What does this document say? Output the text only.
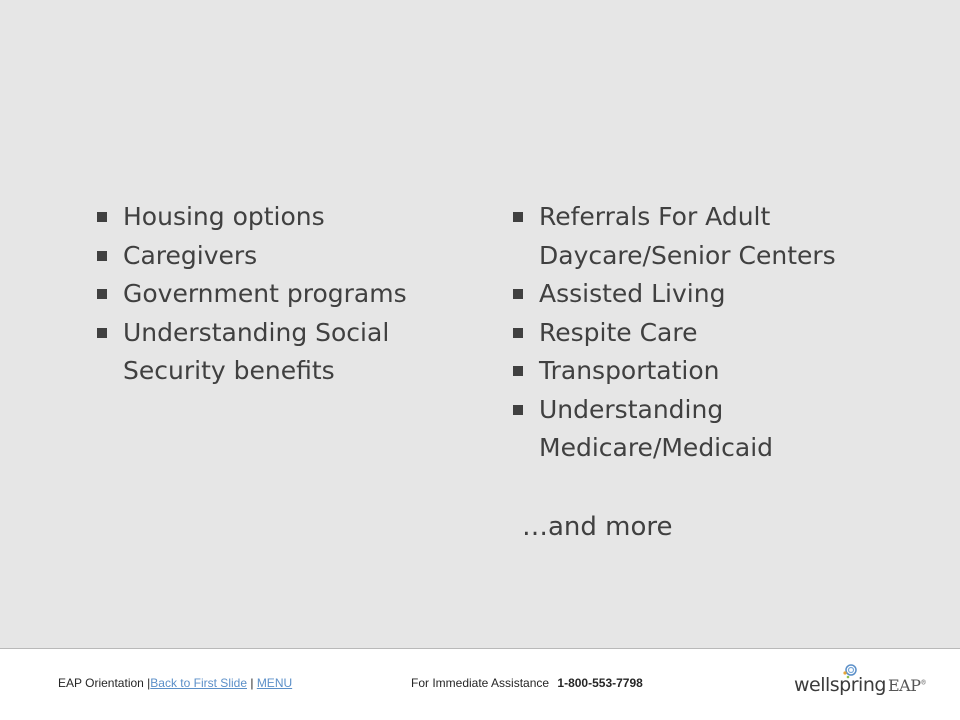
Housing options
Caregivers
Government programs
Understanding Social Security benefits
Referrals For Adult Daycare/Senior Centers
Assisted Living
Respite Care
Transportation
Understanding Medicare/Medicaid
…and more
EAP Orientation |Back to First Slide | MENU	For Immediate Assistance 1-800-553-7798	wellspring EAP®
